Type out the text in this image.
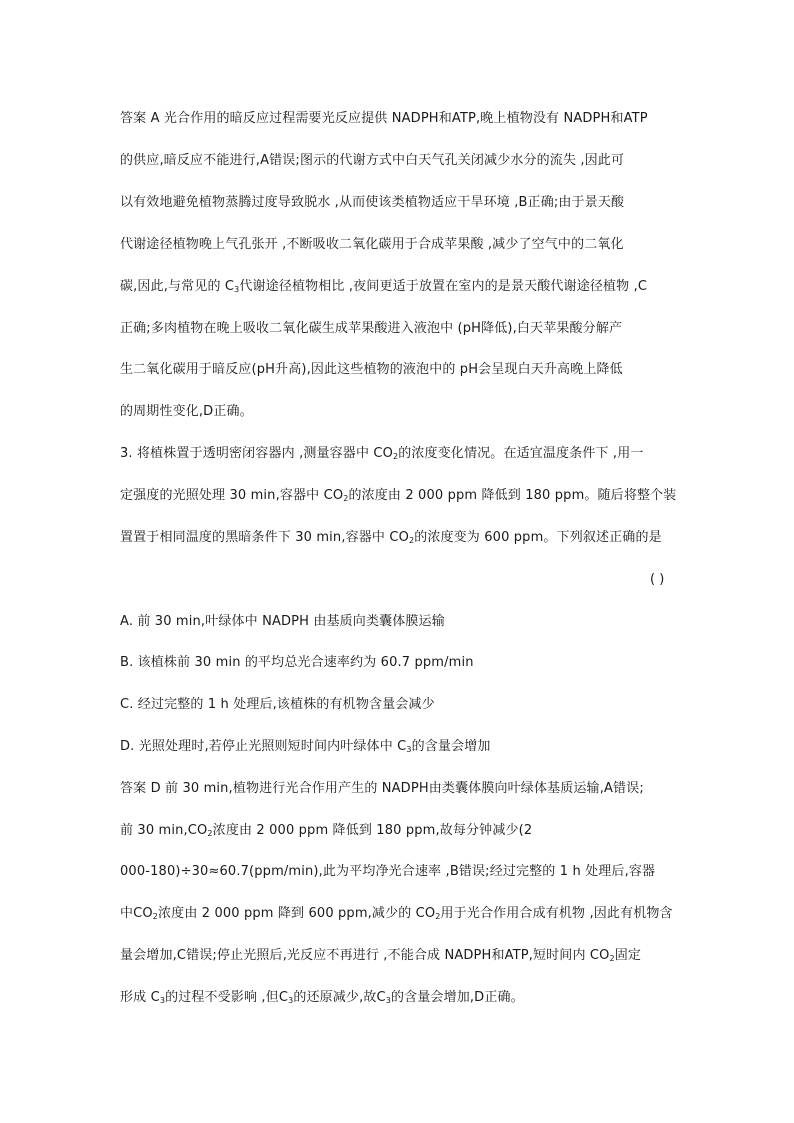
答案 A 光合作用的暗反应过程需要光反应提供 NADPH和ATP,晚上植物没有 NADPH和ATP
的供应,暗反应不能进行,A错误;图示的代谢方式中白天气孔关闭减少水分的流失 ,因此可
以有效地避免植物蒸腾过度导致脱水 ,从而使该类植物适应干旱环境 ,B正确;由于景天酸
代谢途径植物晚上气孔张开 ,不断吸收二氧化碳用于合成苹果酸 ,减少了空气中的二氧化
碳,因此,与常见的 $C_3$代谢途径植物相比 ,夜间更适于放置在室内的是景天酸代谢途径植物 ,C
正确;多肉植物在晚上吸收二氧化碳生成苹果酸进入液泡中 (pH降低),白天苹果酸分解产
生二氧化碳用于暗反应(pH升高),因此这些植物的液泡中的 pH会呈现白天升高晚上降低
的周期性变化,D正确。
3. 将植株置于透明密闭容器内 ,测量容器中 $CO_2$的浓度变化情况。在适宜温度条件下 ,用一
定强度的光照处理 30 min,容器中 $CO_2$的浓度由 2 000 ppm 降低到 180 ppm。随后将整个装
置置于相同温度的黑暗条件下 30 min,容器中 $CO_2$的浓度变为 600 ppm。下列叙述正确的是
( )
A. 前 30 min,叶绿体中 NADPH 由基质向类囊体膜运输
B. 该植株前 30 min 的平均总光合速率约为 60.7 ppm/min
C. 经过完整的 1 h 处理后,该植株的有机物含量会减少
D. 光照处理时,若停止光照则短时间内叶绿体中 $C_3$的含量会增加
答案 D 前 30 min,植物进行光合作用产生的 NADPH由类囊体膜向叶绿体基质运输,A错误;
前 30 $\min,CO_2$浓度由 2 000 ppm 降低到 180 ppm,故每分钟减少(2
000-180)÷30≈60.7(ppm/min),此为平均净光合速率 ,B错误;经过完整的 1 h 处理后,容器
中$CO_2$浓度由 2 000 ppm 降到 600 ppm,减少的 $CO_2$用于光合作用合成有机物 ,因此有机物含
量会增加,C错误;停止光照后,光反应不再进行 ,不能合成 NADPH和ATP,短时间内 $CO_2$固定
形成 $C_3$的过程不受影响 ,但$C_3$的还原减少,故$C_3$的含量会增加,D正确。
